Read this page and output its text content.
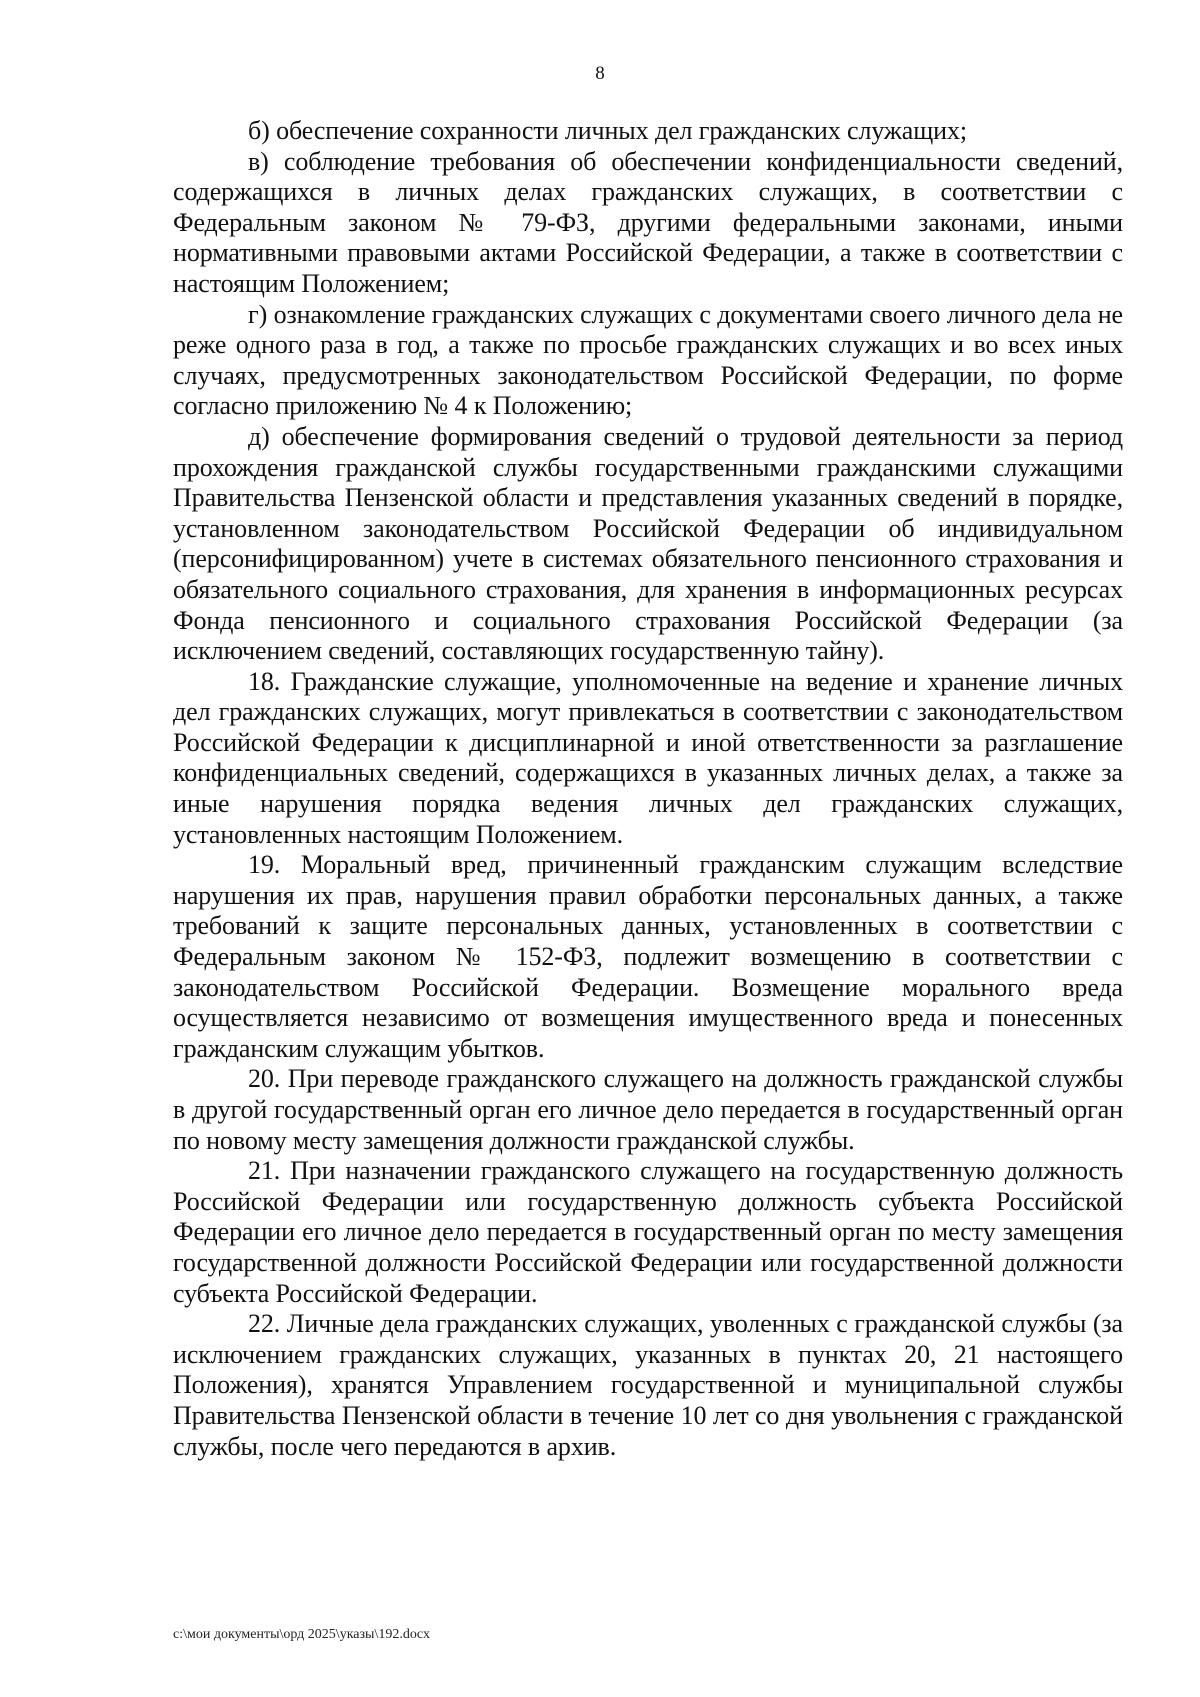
8

б) обеспечение сохранности личных дел гражданских служащих;

в) соблюдение требования об обеспечении конфиденциальности сведений, содержащихся в личных делах гражданских служащих, в соответствии с Федеральным законом № 79-ФЗ, другими федеральными законами, иными нормативными правовыми актами Российской Федерации, а также в соответствии с настоящим Положением;

г) ознакомление гражданских служащих с документами своего личного дела не реже одного раза в год, а также по просьбе гражданских служащих и во всех иных случаях, предусмотренных законодательством Российской Федерации, по форме согласно приложению № 4 к Положению;

д) обеспечение формирования сведений о трудовой деятельности за период прохождения гражданской службы государственными гражданскими служащими Правительства Пензенской области и представления указанных сведений в порядке, установленном законодательством Российской Федерации об индивидуальном (персонифицированном) учете в системах обязательного пенсионного страхования и обязательного социального страхования, для хранения в информационных ресурсах Фонда пенсионного и социального страхования Российской Федерации (за исключением сведений, составляющих государственную тайну).

18. Гражданские служащие, уполномоченные на ведение и хранение личных дел гражданских служащих, могут привлекаться в соответствии с законодательством Российской Федерации к дисциплинарной и иной ответственности за разглашение конфиденциальных сведений, содержащихся в указанных личных делах, а также за иные нарушения порядка ведения личных дел гражданских служащих, установленных настоящим Положением.

19. Моральный вред, причиненный гражданским служащим вследствие нарушения их прав, нарушения правил обработки персональных данных, а также требований к защите персональных данных, установленных в соответствии с Федеральным законом № 152-ФЗ, подлежит возмещению в соответствии с законодательством Российской Федерации. Возмещение морального вреда осуществляется независимо от возмещения имущественного вреда и понесенных гражданским служащим убытков.

20. При переводе гражданского служащего на должность гражданской службы в другой государственный орган его личное дело передается в государственный орган по новому месту замещения должности гражданской службы.

21. При назначении гражданского служащего на государственную должность Российской Федерации или государственную должность субъекта Российской Федерации его личное дело передается в государственный орган по месту замещения государственной должности Российской Федерации или государственной должности субъекта Российской Федерации.

22. Личные дела гражданских служащих, уволенных с гражданской службы (за исключением гражданских служащих, указанных в пунктах 20, 21 настоящего Положения), хранятся Управлением государственной и муниципальной службы Правительства Пензенской области в течение 10 лет со дня увольнения с гражданской службы, после чего передаются в архив.

c:\мои документы\орд 2025\указы\192.docx
